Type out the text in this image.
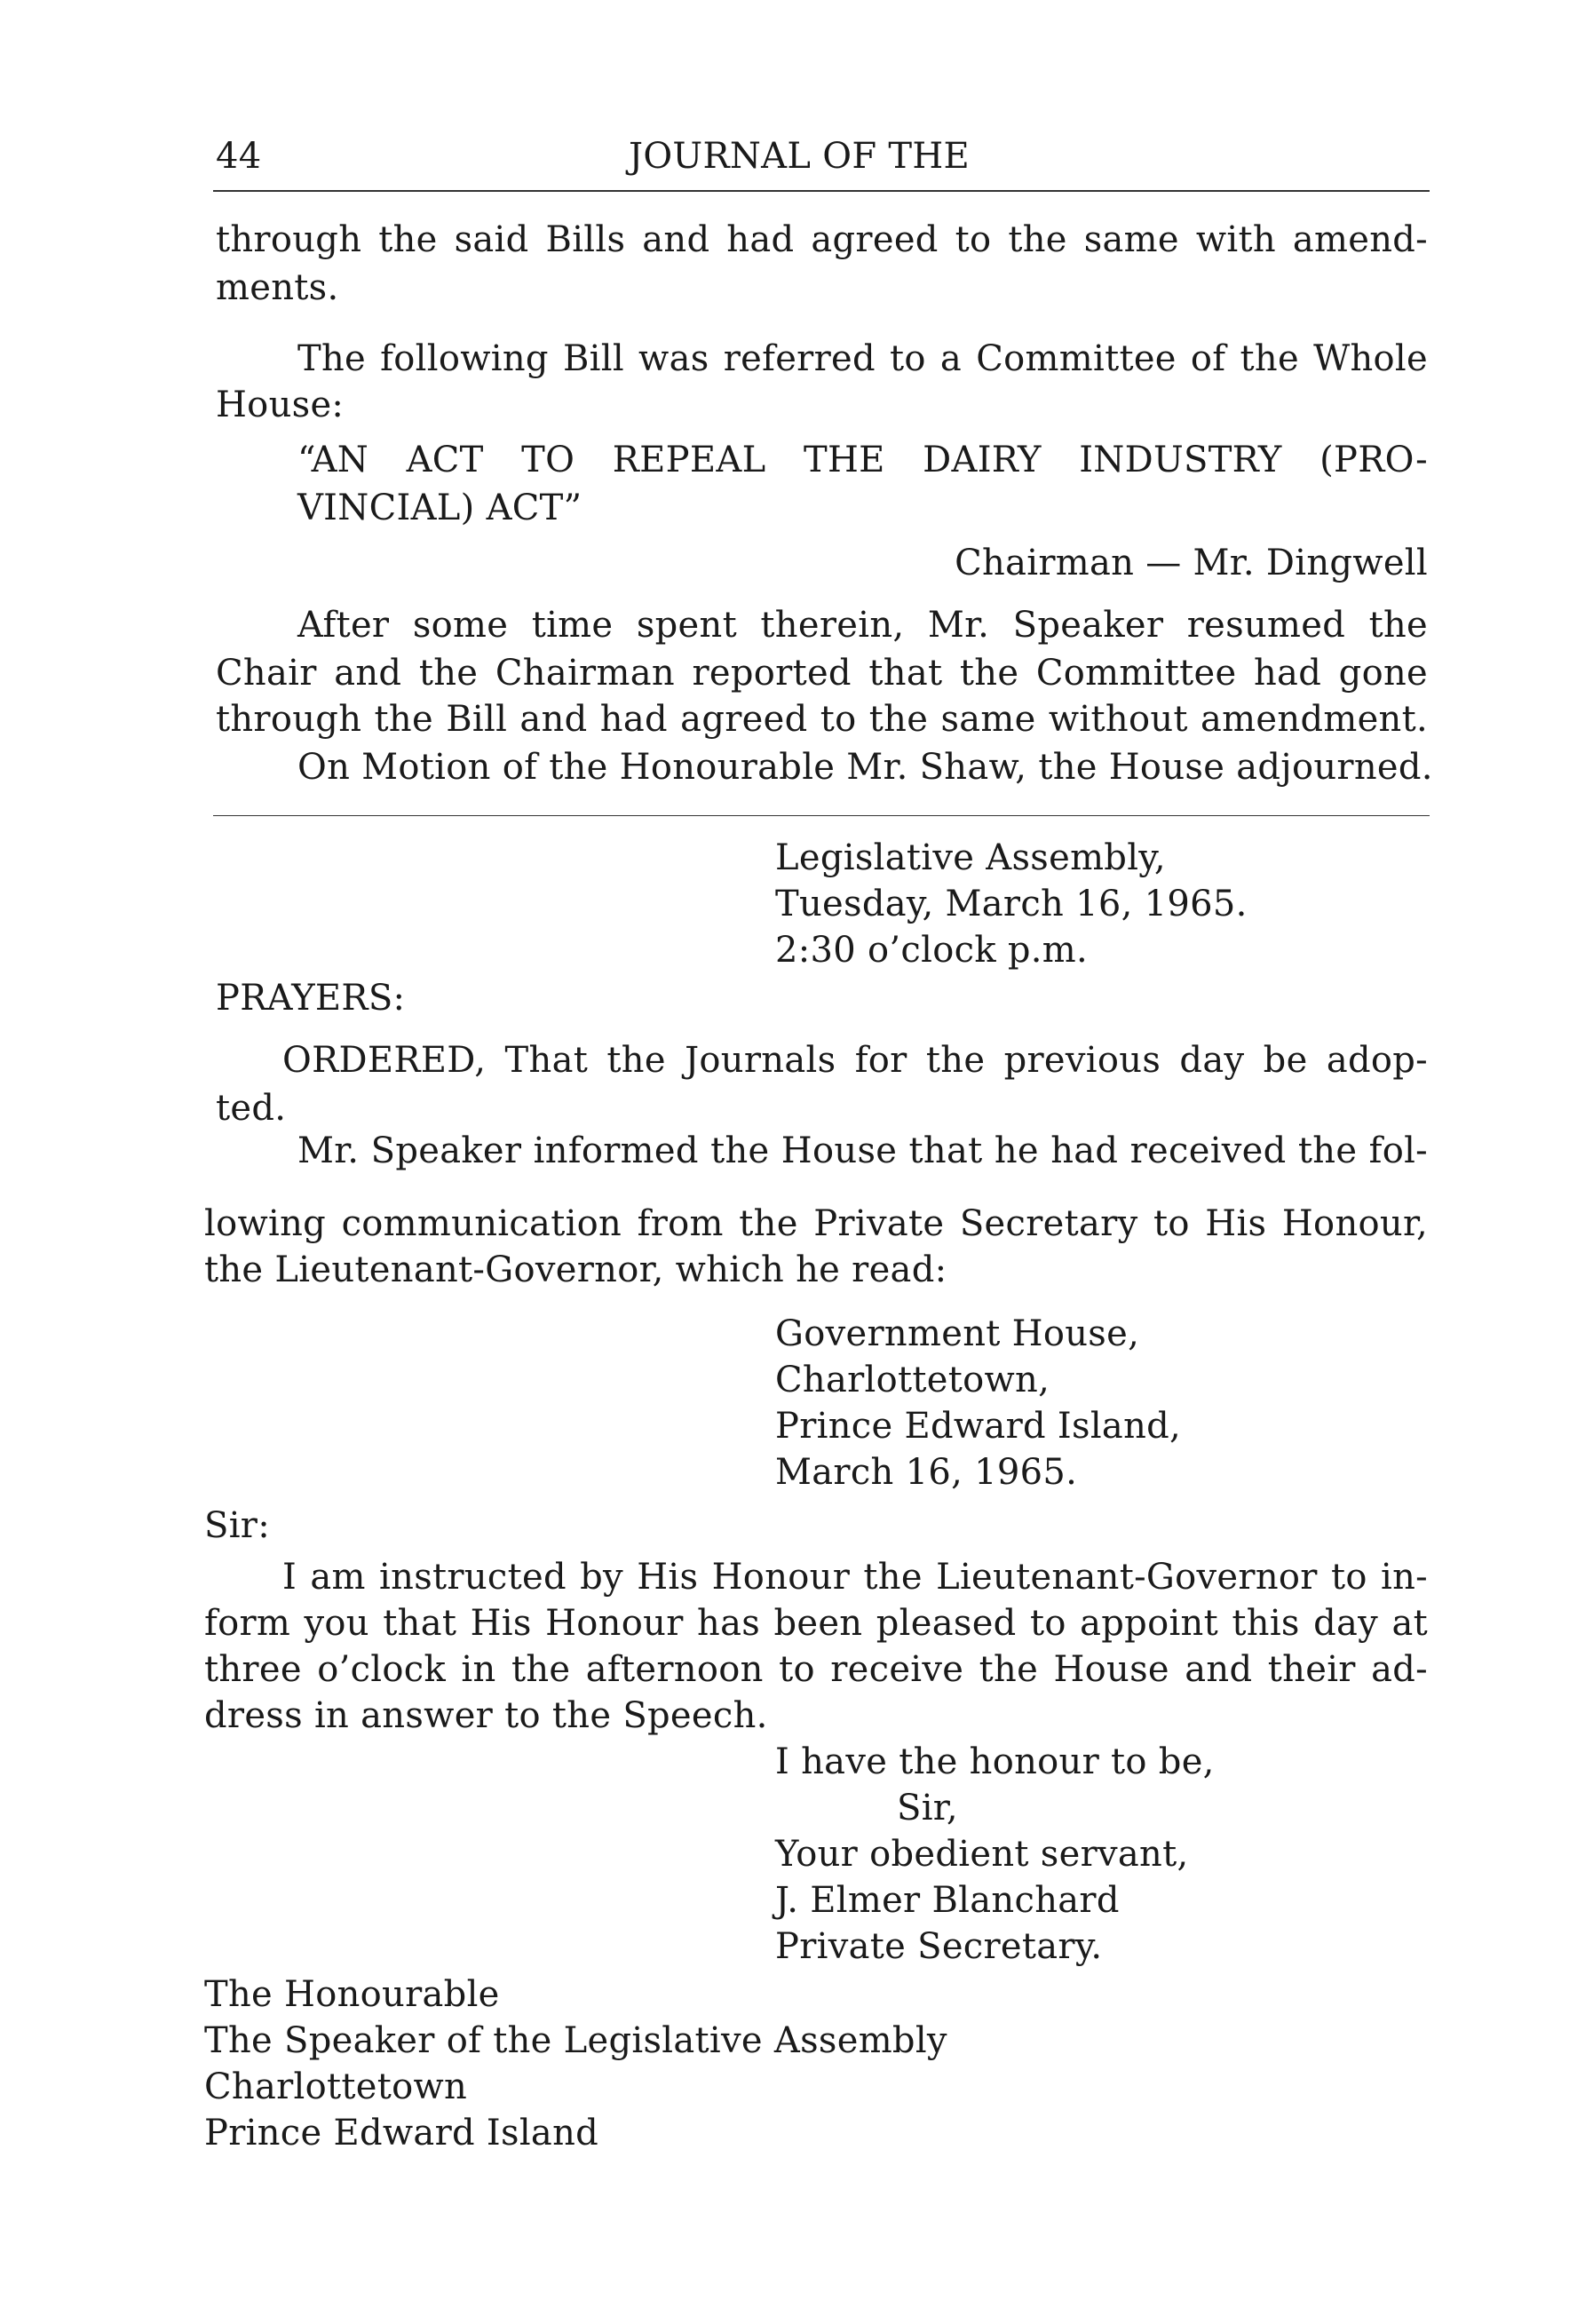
44	JOURNAL OF THE
through the said Bills and had agreed to the same with amend-
ments.
The following Bill was referred to a Committee of the Whole
House:
“AN ACT TO REPEAL THE DAIRY INDUSTRY (PRO-
VINCIAL) ACT”
Chairman — Mr. Dingwell
After some time spent therein, Mr. Speaker resumed the
Chair and the Chairman reported that the Committee had gone
through the Bill and had agreed to the same without amendment.
On Motion of the Honourable Mr. Shaw, the House adjourned.
Legislative Assembly,
Tuesday, March 16, 1965.
2:30 o’clock p.m.
PRAYERS:
ORDERED, That the Journals for the previous day be adop-
ted.
Mr. Speaker informed the House that he had received the fol-
lowing communication from the Private Secretary to His Honour,
the Lieutenant-Governor, which he read:
Government House,
Charlottetown,
Prince Edward Island,
March 16, 1965.
Sir:
I am instructed by His Honour the Lieutenant-Governor to in-
form you that His Honour has been pleased to appoint this day at
three o’clock in the afternoon to receive the House and their ad-
dress in answer to the Speech.
I have the honour to be,
Sir,
Your obedient servant,
J. Elmer Blanchard
Private Secretary.
The Honourable
The Speaker of the Legislative Assembly
Charlottetown
Prince Edward Island
